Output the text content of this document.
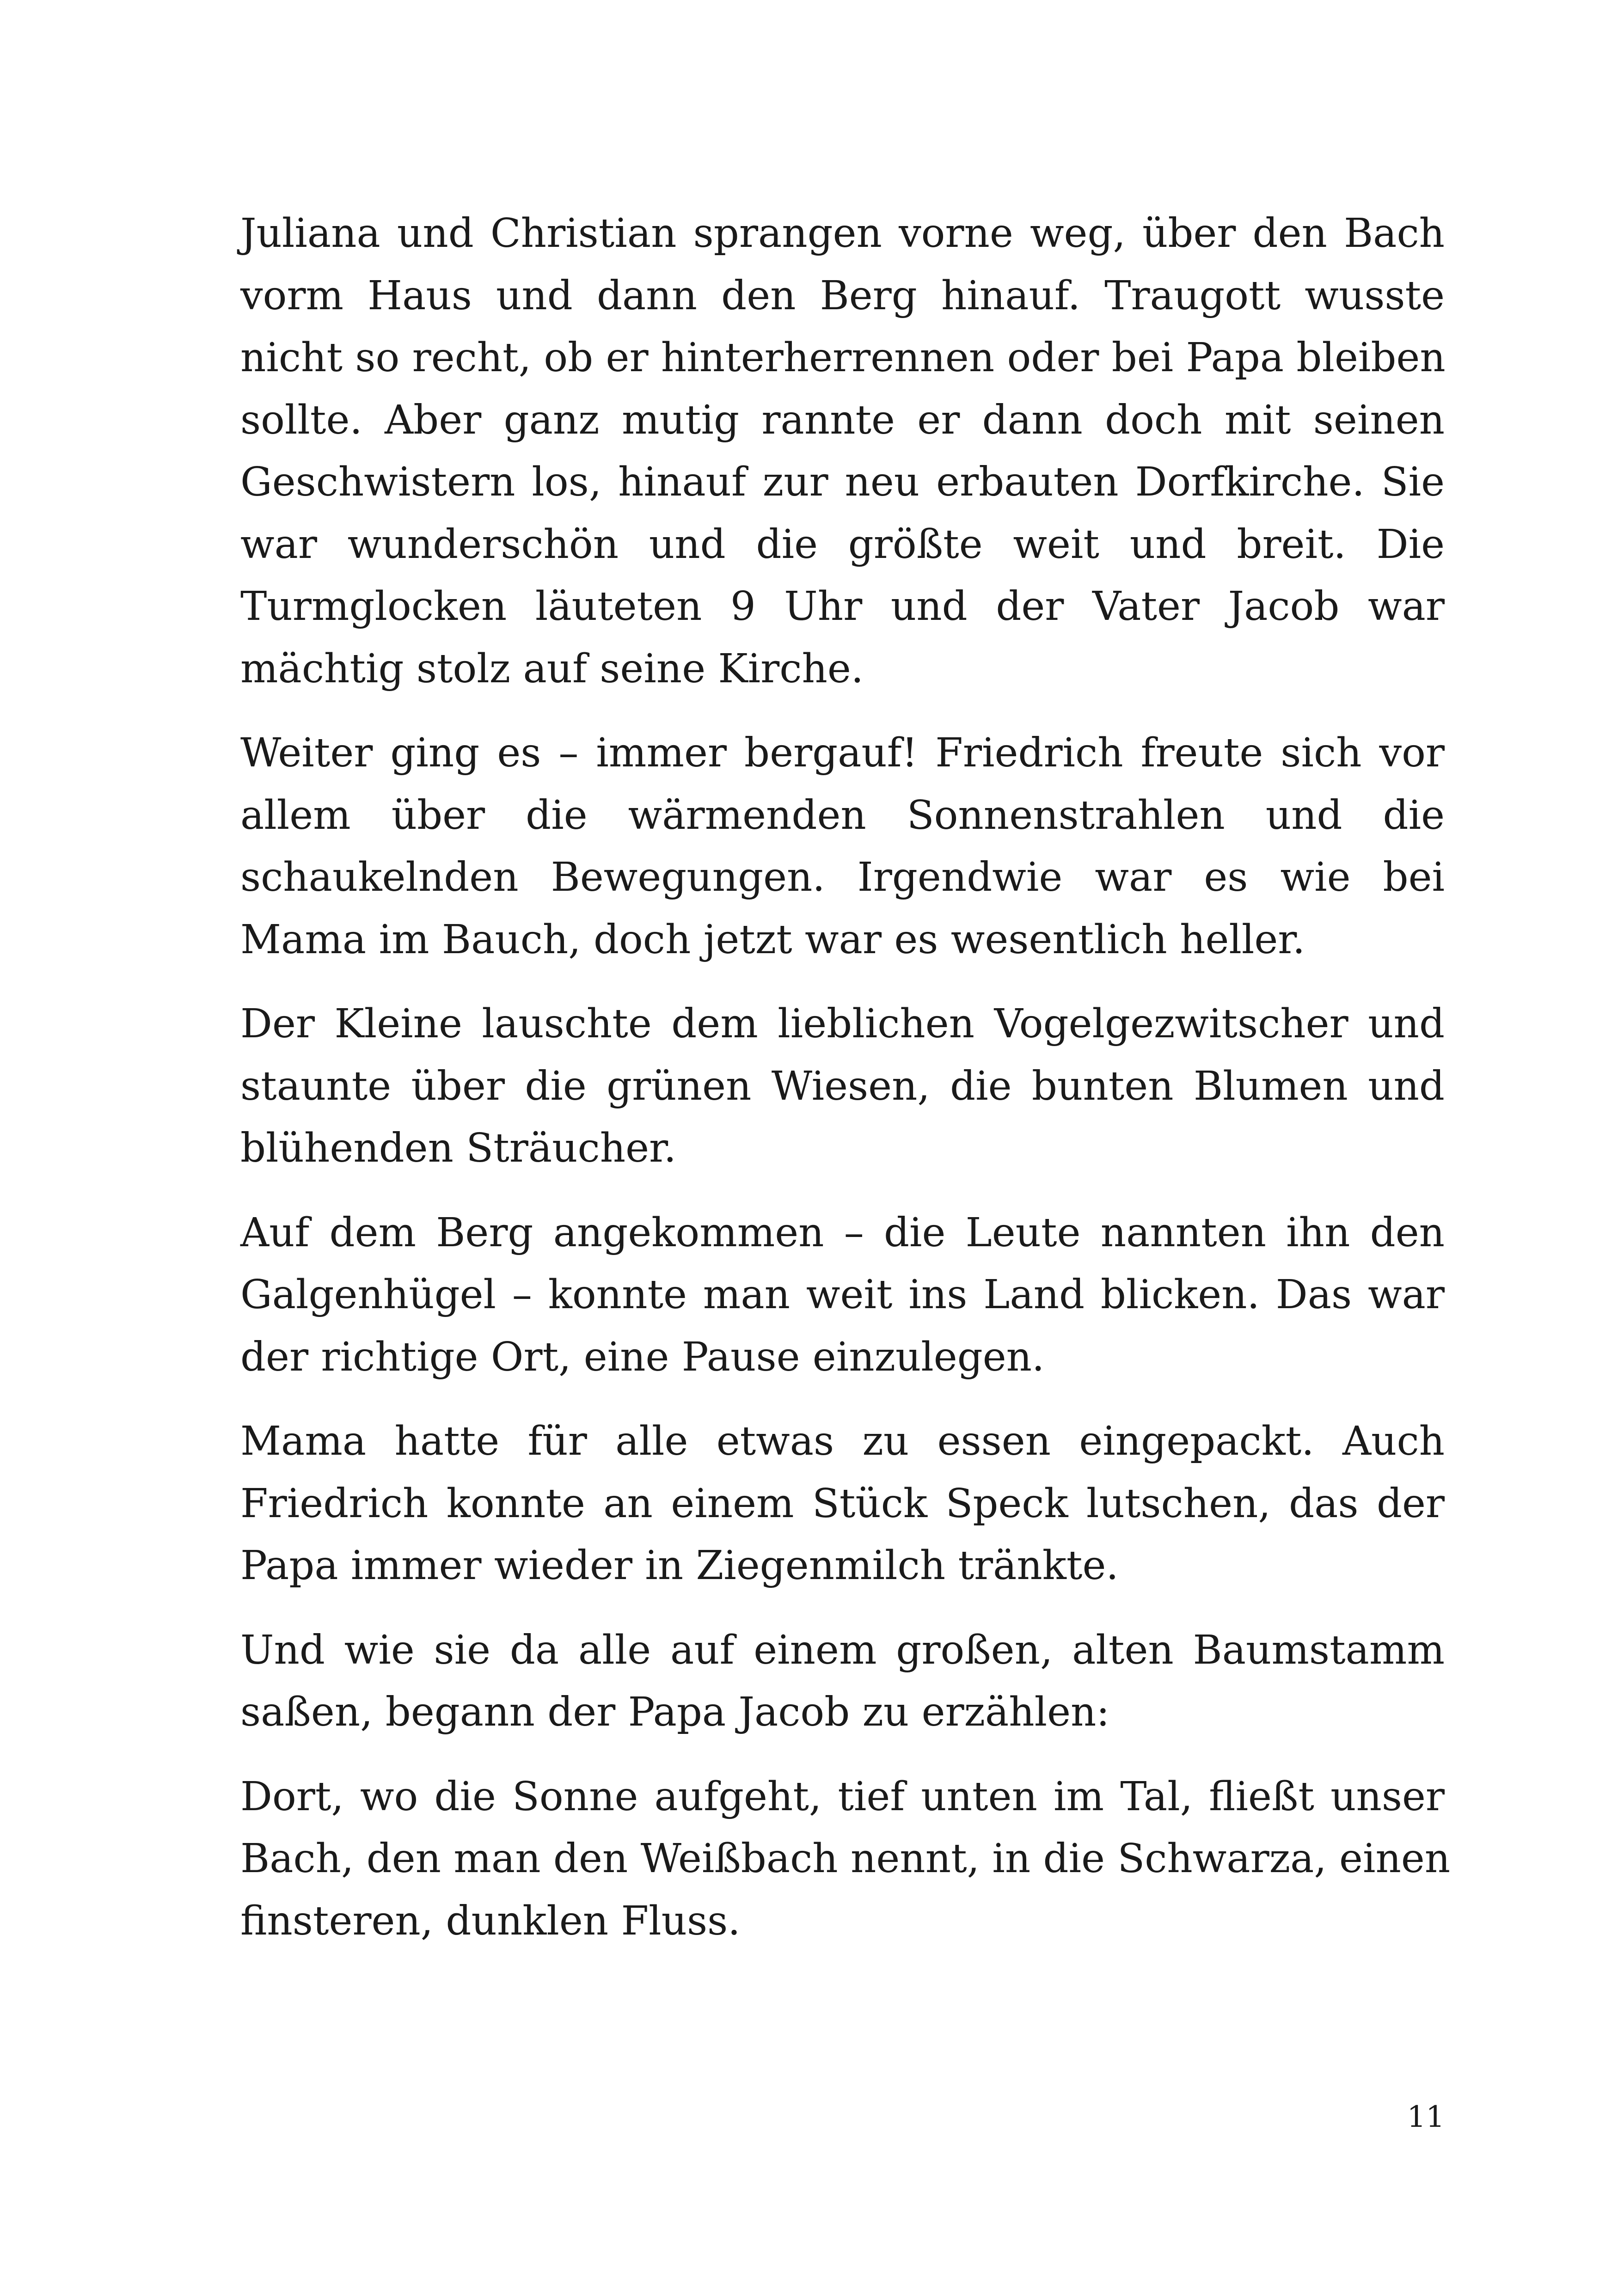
Juliana und Christian sprangen vorne weg, über den Bach
vorm Haus und dann den Berg hinauf. Traugott wusste
nicht so recht, ob er hinterherrennen oder bei Papa bleiben
sollte. Aber ganz mutig rannte er dann doch mit seinen
Geschwistern los, hinauf zur neu erbauten Dorfkirche. Sie
war wunderschön und die größte weit und breit. Die
Turmglocken läuteten 9 Uhr und der Vater Jacob war
mächtig stolz auf seine Kirche.

Weiter ging es – immer bergauf! Friedrich freute sich vor
allem über die wärmenden Sonnenstrahlen und die
schaukelnden Bewegungen. Irgendwie war es wie bei
Mama im Bauch, doch jetzt war es wesentlich heller.

Der Kleine lauschte dem lieblichen Vogelgezwitscher und
staunte über die grünen Wiesen, die bunten Blumen und
blühenden Sträucher.

Auf dem Berg angekommen – die Leute nannten ihn den
Galgenhügel – konnte man weit ins Land blicken. Das war
der richtige Ort, eine Pause einzulegen.

Mama hatte für alle etwas zu essen eingepackt. Auch
Friedrich konnte an einem Stück Speck lutschen, das der
Papa immer wieder in Ziegenmilch tränkte.

Und wie sie da alle auf einem großen, alten Baumstamm
saßen, begann der Papa Jacob zu erzählen:

Dort, wo die Sonne aufgeht, tief unten im Tal, fließt unser
Bach, den man den Weißbach nennt, in die Schwarza, einen
finsteren, dunklen Fluss.

11
